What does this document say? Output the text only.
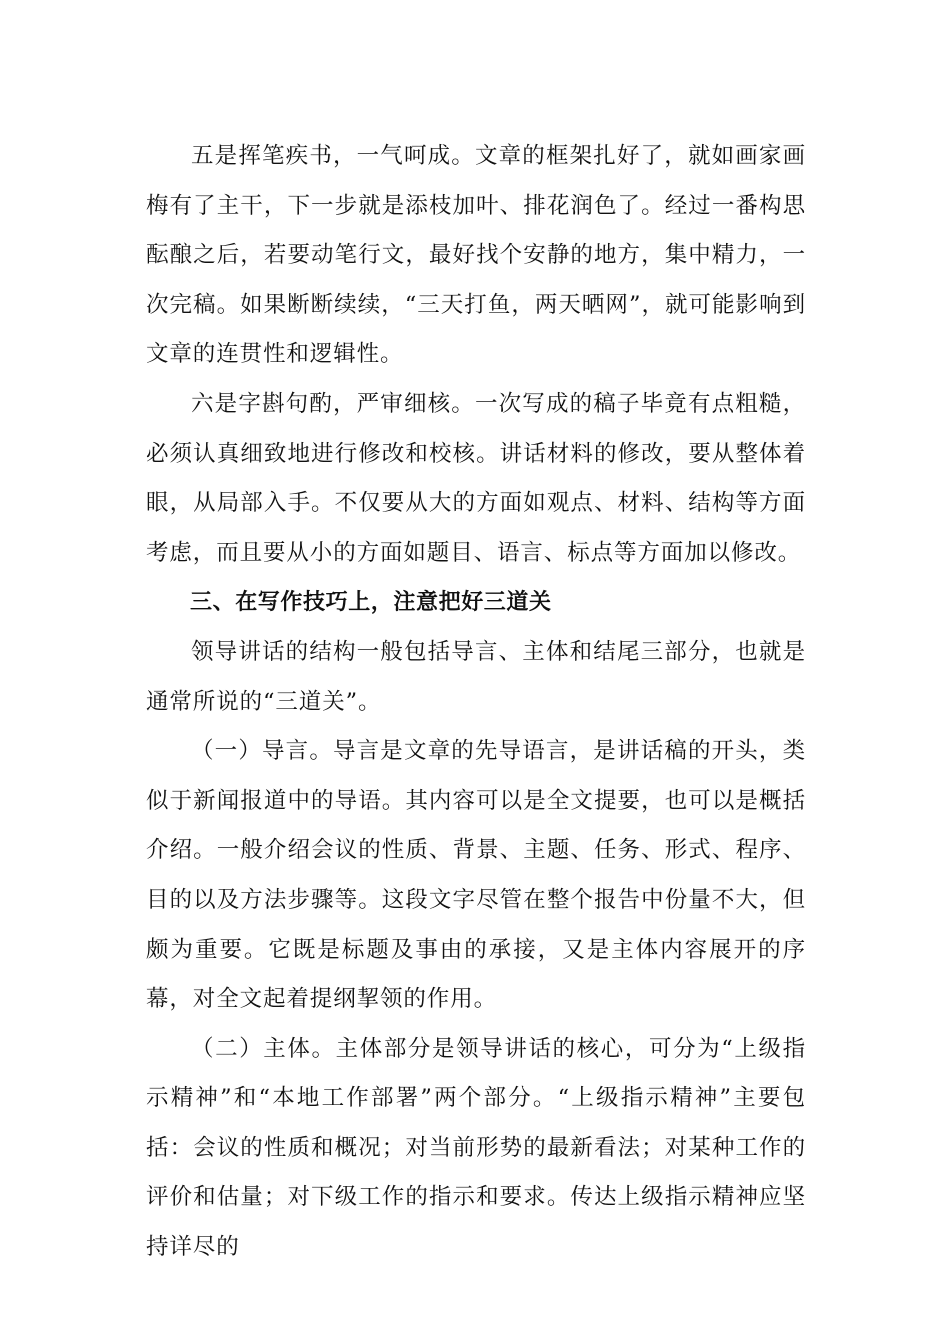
五是挥笔疾书，一气呵成。文章的框架扎好了，就如画家画梅有了主干，下一步就是添枝加叶、排花润色了。经过一番构思酝酿之后，若要动笔行文，最好找个安静的地方，集中精力，一次完稿。如果断断续续，“三天打鱼，两天晒网”，就可能影响到文章的连贯性和逻辑性。

六是字斟句酌，严审细核。一次写成的稿子毕竟有点粗糙，必须认真细致地进行修改和校核。讲话材料的修改，要从整体着眼，从局部入手。不仅要从大的方面如观点、材料、结构等方面考虑，而且要从小的方面如题目、语言、标点等方面加以修改。

三、在写作技巧上，注意把好三道关

领导讲话的结构一般包括导言、主体和结尾三部分，也就是通常所说的“三道关”。

（一）导言。导言是文章的先导语言，是讲话稿的开头，类似于新闻报道中的导语。其内容可以是全文提要，也可以是概括介绍。一般介绍会议的性质、背景、主题、任务、形式、程序、目的以及方法步骤等。这段文字尽管在整个报告中份量不大，但颇为重要。它既是标题及事由的承接，又是主体内容展开的序幕，对全文起着提纲挈领的作用。

（二）主体。主体部分是领导讲话的核心，可分为“上级指示精神”和“本地工作部署”两个部分。“上级指示精神”主要包括：会议的性质和概况；对当前形势的最新看法；对某种工作的评价和估量；对下级工作的指示和要求。传达上级指示精神应坚持详尽的
